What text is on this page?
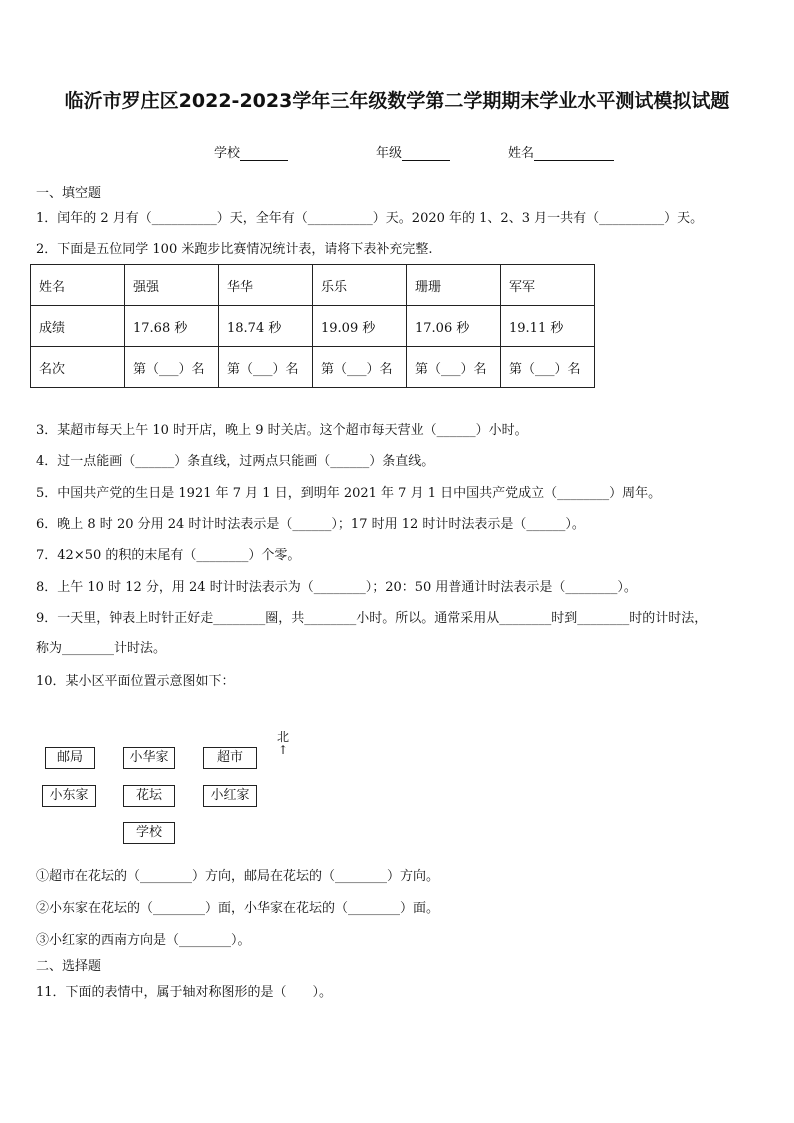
临沂市罗庄区2022-2023学年三年级数学第二学期期末学业水平测试模拟试题
学校	年级	姓名
一、填空题
1．闰年的 2 月有（__________）天，全年有（__________）天。2020 年的 1、2、3 月一共有（__________）天。
2．下面是五位同学 100 米跑步比赛情况统计表，请将下表补充完整.
姓名	强强	华华	乐乐	珊珊	军军
成绩	17.68 秒	18.74 秒	19.09 秒	17.06 秒	19.11 秒
名次	第（___）名	第（___）名	第（___）名	第（___）名	第（___）名
3．某超市每天上午 10 时开店，晚上 9 时关店。这个超市每天营业（______）小时。
4．过一点能画（______）条直线，过两点只能画（______）条直线。
5．中国共产党的生日是 1921 年 7 月 1 日，到明年 2021 年 7 月 1 日中国共产党成立（________）周年。
6．晚上 8 时 20 分用 24 时计时法表示是（______）；17 时用 12 时计时法表示是（______）。
7．42×50 的积的末尾有（________）个零。
8．上午 10 时 12 分，用 24 时计时法表示为（________）；20：50 用普通计时法表示是（________）。
9．一天里，钟表上时针正好走________圈，共________小时。所以。通常采用从________时到________时的计时法，
称为________计时法。
10．某小区平面位置示意图如下：
北
↑
邮局	小华家	超市
小东家	花坛	小红家
学校
①超市在花坛的（________）方向，邮局在花坛的（________）方向。
②小东家在花坛的（________）面，小华家在花坛的（________）面。
③小红家的西南方向是（________）。
二、选择题
11．下面的表情中，属于轴对称图形的是（　　）。
